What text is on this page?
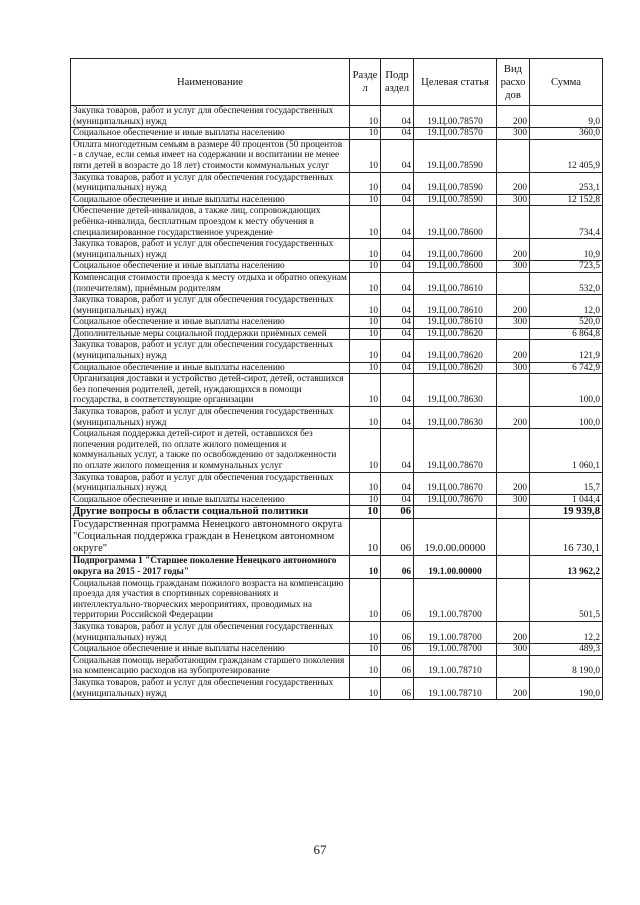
Наименование	Разде л	Подр аздел	Целевая статья	Вид расхо дов	Сумма
Закупка товаров, работ и услуг для обеспечения государственных (муниципальных) нужд	10	04	19.Ц.00.78570	200	9,0
Социальное обеспечение и иные выплаты населению	10	04	19.Ц.00.78570	300	360,0
Оплата многодетным семьям в размере 40 процентов (50 процентов - в случае, если семья имеет на содержании и воспитании не менее пяти детей в возрасте до 18 лет) стоимости коммунальных услуг	10	04	19.Ц.00.78590		12 405,9
Закупка товаров, работ и услуг для обеспечения государственных (муниципальных) нужд	10	04	19.Ц.00.78590	200	253,1
Социальное обеспечение и иные выплаты населению	10	04	19.Ц.00.78590	300	12 152,8
Обеспечение детей-инвалидов, а также лиц, сопровождающих ребёнка-инвалида, бесплатным проездом к месту обучения в специализированное государственное учреждение	10	04	19.Ц.00.78600		734,4
Закупка товаров, работ и услуг для обеспечения государственных (муниципальных) нужд	10	04	19.Ц.00.78600	200	10,9
Социальное обеспечение и иные выплаты населению	10	04	19.Ц.00.78600	300	723,5
Компенсация стоимости проезда к месту отдыха и обратно опекунам (попечителям), приёмным родителям	10	04	19.Ц.00.78610		532,0
Закупка товаров, работ и услуг для обеспечения государственных (муниципальных) нужд	10	04	19.Ц.00.78610	200	12,0
Социальное обеспечение и иные выплаты населению	10	04	19.Ц.00.78610	300	520,0
Дополнительные меры социальной поддержки приёмных семей	10	04	19.Ц.00.78620		6 864,8
Закупка товаров, работ и услуг для обеспечения государственных (муниципальных) нужд	10	04	19.Ц.00.78620	200	121,9
Социальное обеспечение и иные выплаты населению	10	04	19.Ц.00.78620	300	6 742,9
Организация доставки и устройство детей-сирот, детей, оставшихся без попечения родителей, детей, нуждающихся в помощи государства, в соответствующие организации	10	04	19.Ц.00.78630		100,0
Закупка товаров, работ и услуг для обеспечения государственных (муниципальных) нужд	10	04	19.Ц.00.78630	200	100,0
Социальная поддержка детей-сирот и детей, оставшихся без попечения родителей, по оплате жилого помещения и коммунальных услуг, а также по освобождению от задолженности по оплате жилого помещения и коммунальных услуг	10	04	19.Ц.00.78670		1 060,1
Закупка товаров, работ и услуг для обеспечения государственных (муниципальных) нужд	10	04	19.Ц.00.78670	200	15,7
Социальное обеспечение и иные выплаты населению	10	04	19.Ц.00.78670	300	1 044,4
Другие вопросы в области социальной политики	10	06			19 939,8
Государственная программа Ненецкого автономного округа "Социальная поддержка граждан в Ненецком автономном округе"	10	06	19.0.00.00000		16 730,1
Подпрограмма 1 "Старшее поколение Ненецкого автономного округа на 2015 - 2017 годы"	10	06	19.1.00.00000		13 962,2
Социальная помощь гражданам пожилого возраста на компенсацию проезда для участия в спортивных соревнованиях и интеллектуально-творческих мероприятиях, проводимых на территории Российской Федерации	10	06	19.1.00.78700		501,5
Закупка товаров, работ и услуг для обеспечения государственных (муниципальных) нужд	10	06	19.1.00.78700	200	12,2
Социальное обеспечение и иные выплаты населению	10	06	19.1.00.78700	300	489,3
Социальная помощь неработающим гражданам старшего поколения на компенсацию расходов на зубопротезирование	10	06	19.1.00.78710		8 190,0
Закупка товаров, работ и услуг для обеспечения государственных (муниципальных) нужд	10	06	19.1.00.78710	200	190,0
67
